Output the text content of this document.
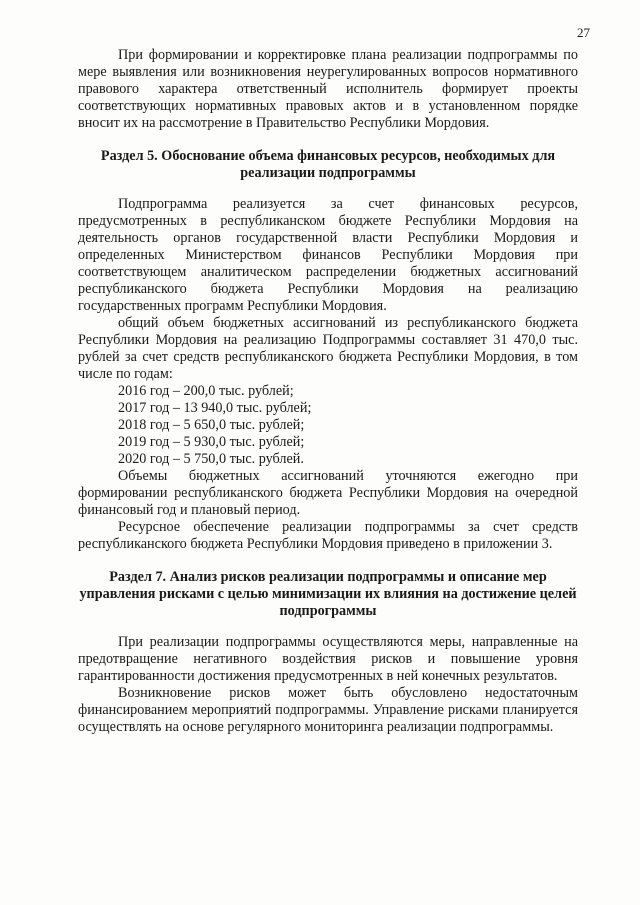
27

При формировании и корректировке плана реализации подпрограммы по мере выявления или возникновения неурегулированных вопросов нормативного правового характера ответственный исполнитель формирует проекты соответствующих нормативных правовых актов и в установленном порядке вносит их на рассмотрение в Правительство Республики Мордовия.

Раздел 5. Обоснование объема финансовых ресурсов, необходимых для реализации подпрограммы

Подпрограмма реализуется за счет финансовых ресурсов, предусмотренных в республиканском бюджете Республики Мордовия на деятельность органов государственной власти Республики Мордовия и определенных Министерством финансов Республики Мордовия при соответствующем аналитическом распределении бюджетных ассигнований республиканского бюджета Республики Мордовия на реализацию государственных программ Республики Мордовия.

общий объем бюджетных ассигнований из республиканского бюджета Республики Мордовия на реализацию Подпрограммы составляет 31 470,0 тыс. рублей за счет средств республиканского бюджета Республики Мордовия, в том числе по годам:

2016 год – 200,0 тыс. рублей;

2017 год – 13 940,0 тыс. рублей;

2018 год – 5 650,0 тыс. рублей;

2019 год – 5 930,0 тыс. рублей;

2020 год – 5 750,0 тыс. рублей.

Объемы бюджетных ассигнований уточняются ежегодно при формировании республиканского бюджета Республики Мордовия на очередной финансовый год и плановый период.

Ресурсное обеспечение реализации подпрограммы за счет средств республиканского бюджета Республики Мордовия приведено в приложении 3.

Раздел 7. Анализ рисков реализации подпрограммы и описание мер управления рисками с целью минимизации их влияния на достижение целей подпрограммы

При реализации подпрограммы осуществляются меры, направленные на предотвращение негативного воздействия рисков и повышение уровня гарантированности достижения предусмотренных в ней конечных результатов.

Возникновение рисков может быть обусловлено недостаточным финансированием мероприятий подпрограммы. Управление рисками планируется осуществлять на основе регулярного мониторинга реализации подпрограммы.
